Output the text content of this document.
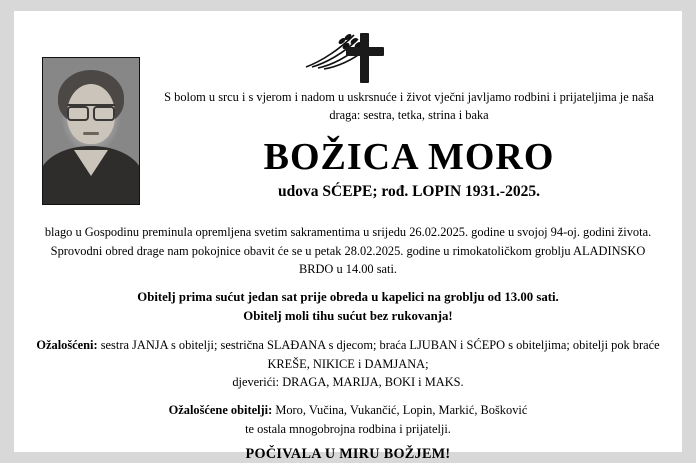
S bolom u srcu i s vjerom i nadom u uskrsnuće i život vječni javljamo rodbini i prijateljima je naša draga: sestra, tetka, strina i baka
BOŽICA MORO
udova SĆEPE; rođ. LOPIN 1931.-2025.
blago u Gospodinu preminula opremljena svetim sakramentima u srijedu 26.02.2025. godine u svojoj 94-oj. godini života. Sprovodni obred drage nam pokojnice obavit će se u petak 28.02.2025. godine u rimokatoličkom groblju ALADINSKO BRDO u 14.00 sati.
Obitelj prima sućut jedan sat prije obreda u kapelici na groblju od 13.00 sati.
Obitelj moli tihu sućut bez rukovanja!
Ožalošćeni: sestra JANJA s obitelji; sestrična SLAĐANA s djecom; braća LJUBAN i SĆEPO s obiteljima; obitelji pok braće KREŠE, NIKICE i DAMJANA;
djeverići: DRAGA, MARIJA, BOKI i MAKS.
Ožalošćene obitelji: Moro, Vučina, Vukančić, Lopin, Markić, Bošković
te ostala mnogobrojna rodbina i prijatelji.
POČIVALA U MIRU BOŽJEM!
